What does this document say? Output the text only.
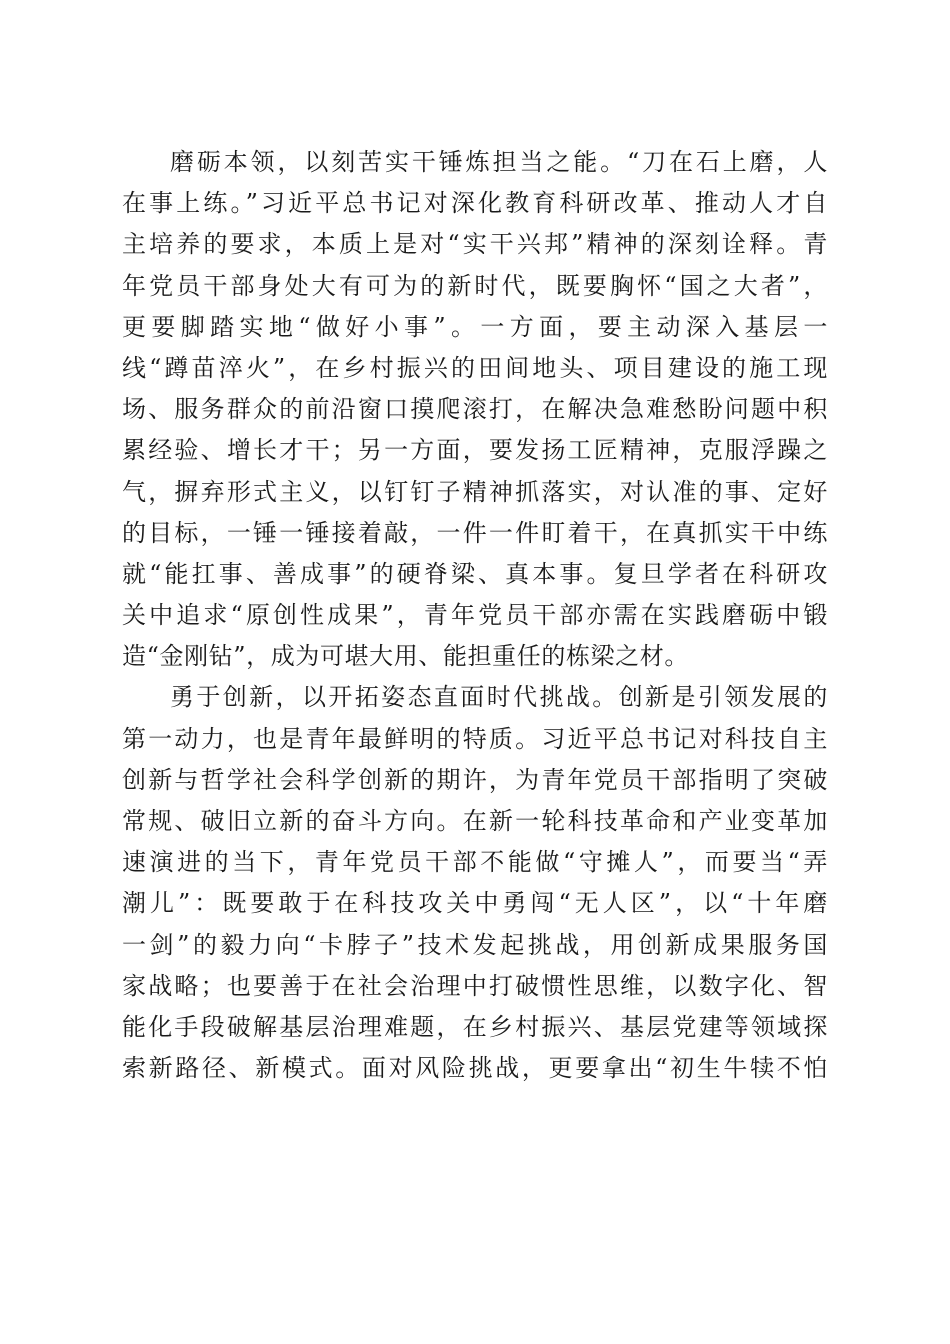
磨砺本领，以刻苦实干锤炼担当之能。“刀在石上磨，人
在事上练。”习近平总书记对深化教育科研改革、推动人才自
主培养的要求，本质上是对“实干兴邦”精神的深刻诠释。青
年党员干部身处大有可为的新时代，既要胸怀“国之大者”，
更要脚踏实地“做好小事”。一方面，要主动深入基层一
线“蹲苗淬火”，在乡村振兴的田间地头、项目建设的施工现
场、服务群众的前沿窗口摸爬滚打，在解决急难愁盼问题中积
累经验、增长才干；另一方面，要发扬工匠精神，克服浮躁之
气，摒弃形式主义，以钉钉子精神抓落实，对认准的事、定好
的目标，一锤一锤接着敲，一件一件盯着干，在真抓实干中练
就“能扛事、善成事”的硬脊梁、真本事。复旦学者在科研攻
关中追求“原创性成果”，青年党员干部亦需在实践磨砺中锻
造“金刚钻”，成为可堪大用、能担重任的栋梁之材。
勇于创新，以开拓姿态直面时代挑战。创新是引领发展的
第一动力，也是青年最鲜明的特质。习近平总书记对科技自主
创新与哲学社会科学创新的期许，为青年党员干部指明了突破
常规、破旧立新的奋斗方向。在新一轮科技革命和产业变革加
速演进的当下，青年党员干部不能做“守摊人”，而要当“弄
潮儿”：既要敢于在科技攻关中勇闯“无人区”，以“十年磨
一剑”的毅力向“卡脖子”技术发起挑战，用创新成果服务国
家战略；也要善于在社会治理中打破惯性思维，以数字化、智
能化手段破解基层治理难题，在乡村振兴、基层党建等领域探
索新路径、新模式。面对风险挑战，更要拿出“初生牛犊不怕
